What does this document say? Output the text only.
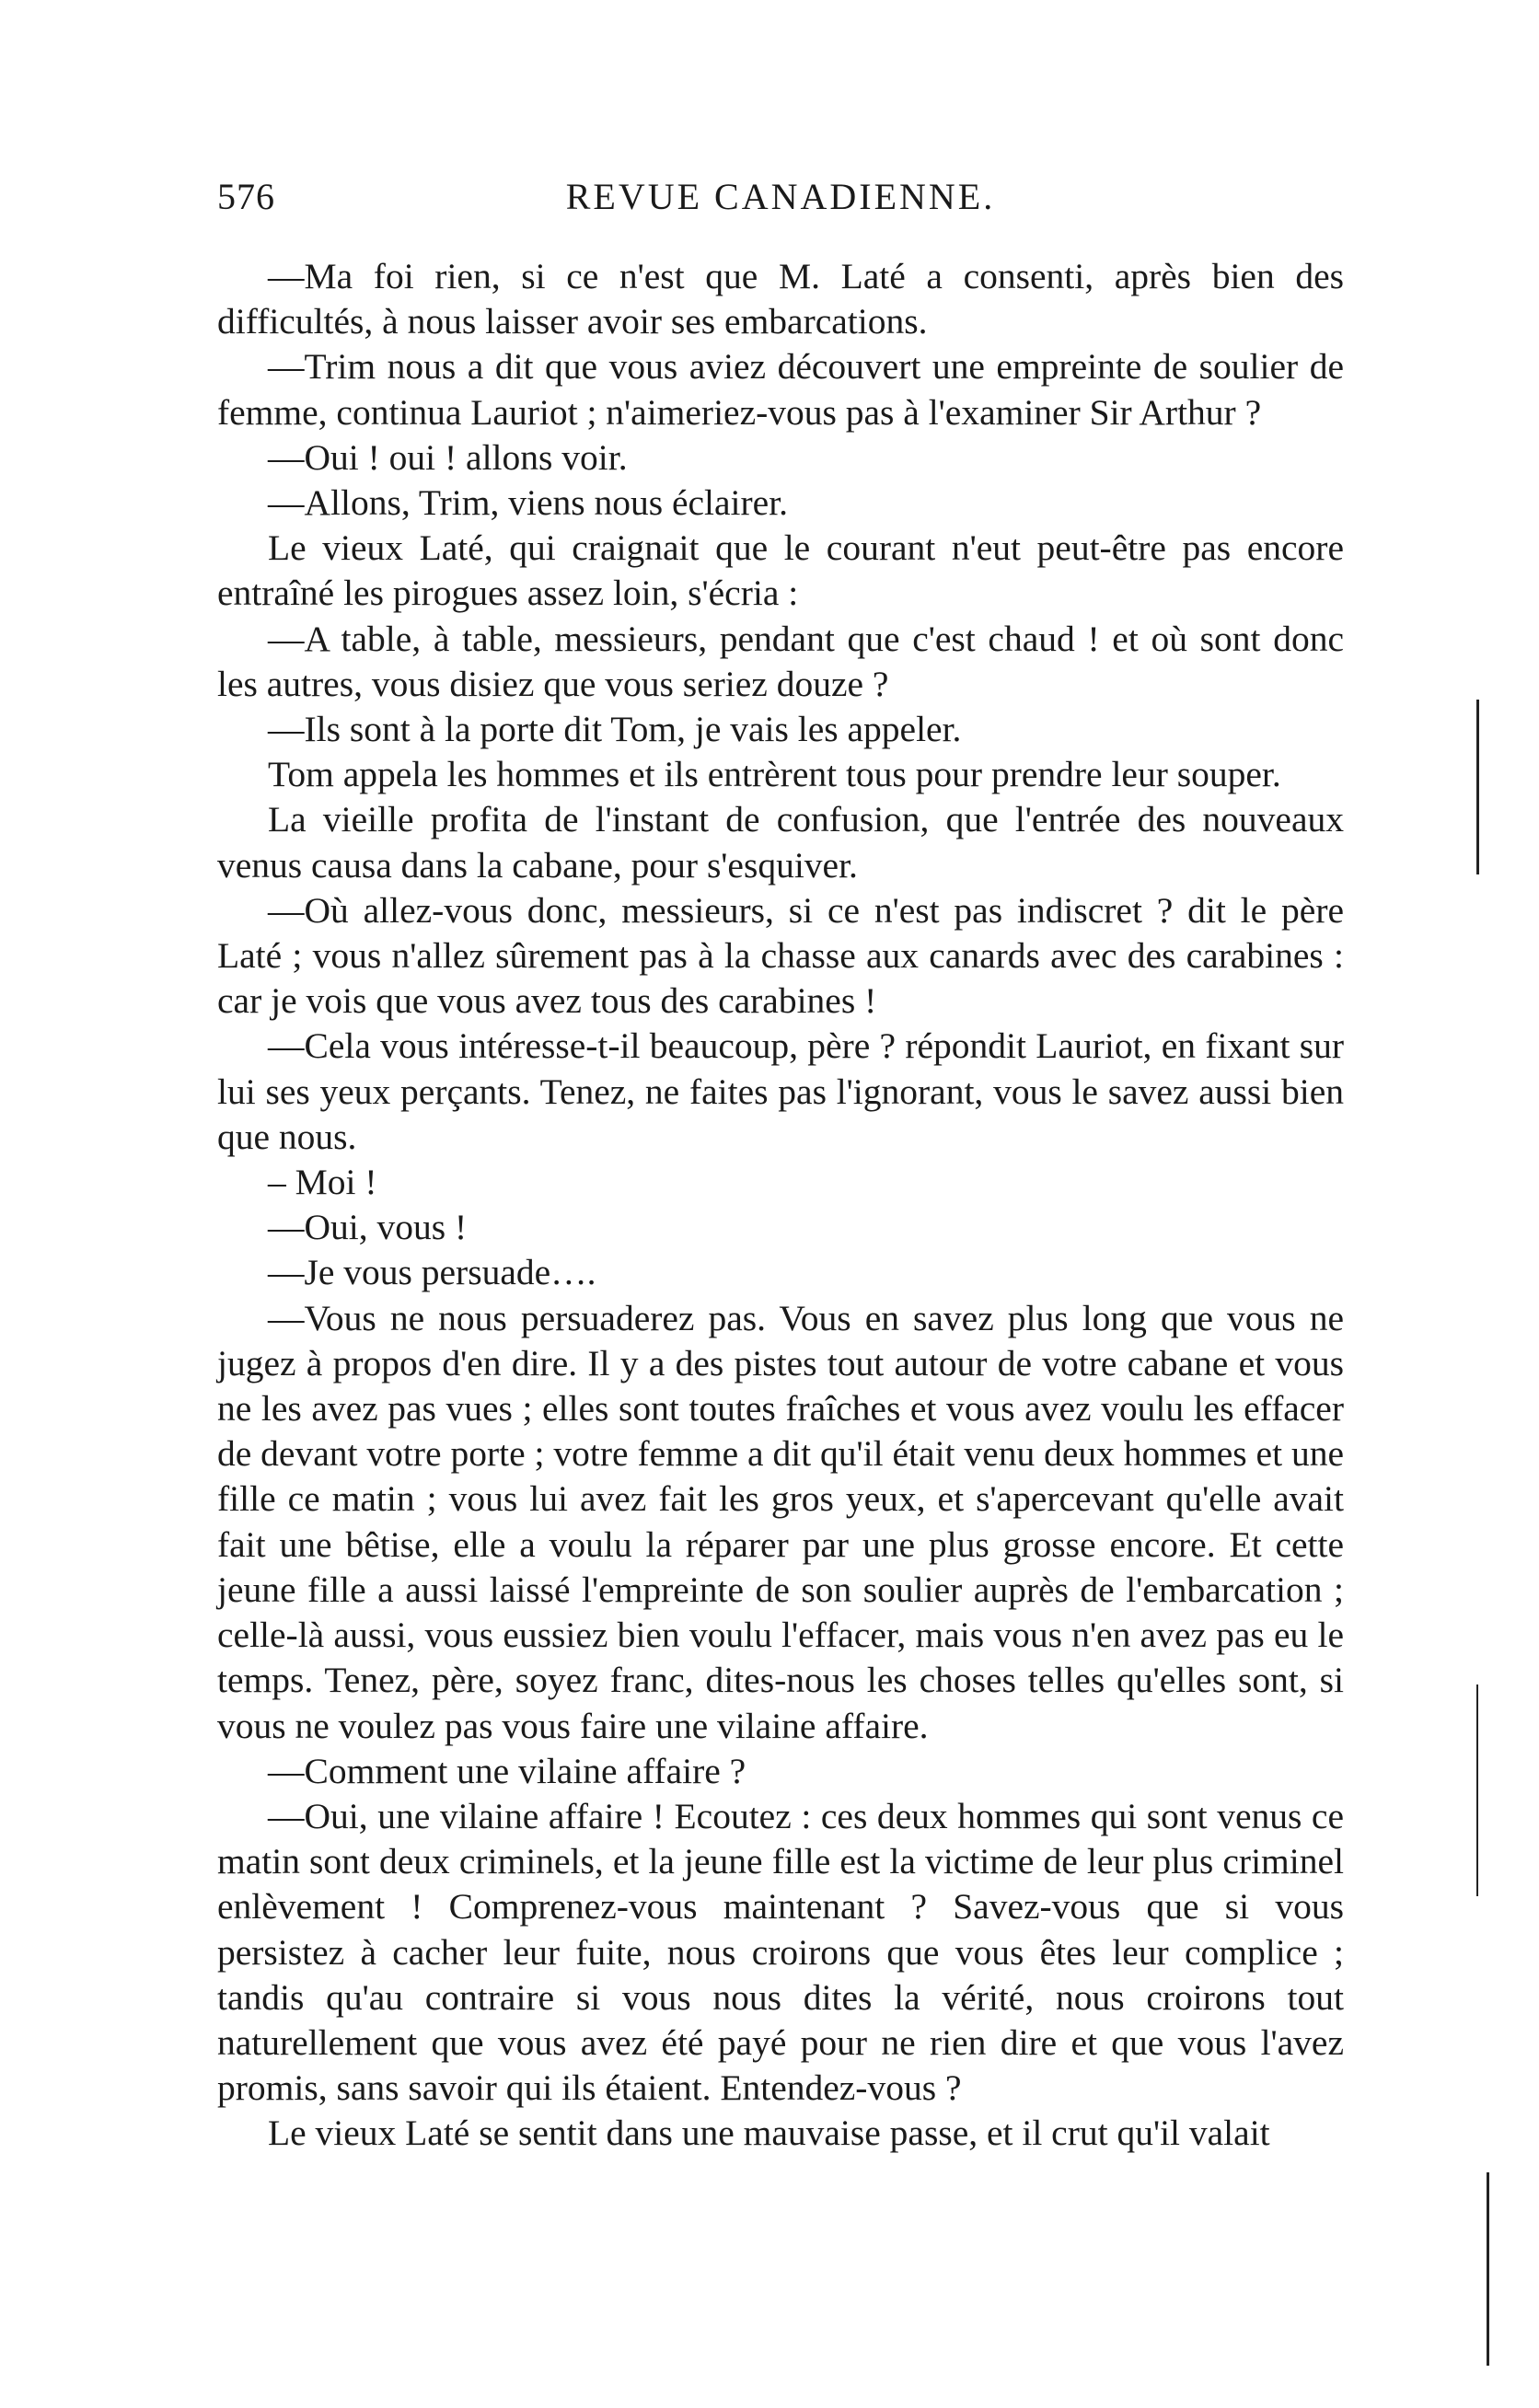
576	REVUE CANADIENNE.

—Ma foi rien, si ce n'est que M. Laté a consenti, après bien des difficultés, à nous laisser avoir ses embarcations.

—Trim nous a dit que vous aviez découvert une empreinte de soulier de femme, continua Lauriot ; n'aimeriez-vous pas à l'examiner Sir Arthur ?

—Oui ! oui ! allons voir.

—Allons, Trim, viens nous éclairer.

Le vieux Laté, qui craignait que le courant n'eut peut-être pas encore entraîné les pirogues assez loin, s'écria :

—A table, à table, messieurs, pendant que c'est chaud ! et où sont donc les autres, vous disiez que vous seriez douze ?

—Ils sont à la porte dit Tom, je vais les appeler.

Tom appela les hommes et ils entrèrent tous pour prendre leur souper.

La vieille profita de l'instant de confusion, que l'entrée des nouveaux venus causa dans la cabane, pour s'esquiver.

—Où allez-vous donc, messieurs, si ce n'est pas indiscret ? dit le père Laté ; vous n'allez sûrement pas à la chasse aux canards avec des carabines : car je vois que vous avez tous des carabines !

—Cela vous intéresse-t-il beaucoup, père ? répondit Lauriot, en fixant sur lui ses yeux perçants. Tenez, ne faites pas l'ignorant, vous le savez aussi bien que nous.

– Moi !

—Oui, vous !

—Je vous persuade….

—Vous ne nous persuaderez pas. Vous en savez plus long que vous ne jugez à propos d'en dire. Il y a des pistes tout autour de votre cabane et vous ne les avez pas vues ; elles sont toutes fraîches et vous avez voulu les effacer de devant votre porte ; votre femme a dit qu'il était venu deux hommes et une fille ce matin ; vous lui avez fait les gros yeux, et s'apercevant qu'elle avait fait une bêtise, elle a voulu la réparer par une plus grosse encore. Et cette jeune fille a aussi laissé l'empreinte de son soulier auprès de l'embarcation ; celle-là aussi, vous eussiez bien voulu l'effacer, mais vous n'en avez pas eu le temps. Tenez, père, soyez franc, dites-nous les choses telles qu'elles sont, si vous ne voulez pas vous faire une vilaine affaire.

—Comment une vilaine affaire ?

—Oui, une vilaine affaire ! Ecoutez : ces deux hommes qui sont venus ce matin sont deux criminels, et la jeune fille est la victime de leur plus criminel enlèvement ! Comprenez-vous maintenant ? Savez-vous que si vous persistez à cacher leur fuite, nous croirons que vous êtes leur complice ; tandis qu'au contraire si vous nous dites la vérité, nous croirons tout naturellement que vous avez été payé pour ne rien dire et que vous l'avez promis, sans savoir qui ils étaient. Entendez-vous ?

Le vieux Laté se sentit dans une mauvaise passe, et il crut qu'il valait
